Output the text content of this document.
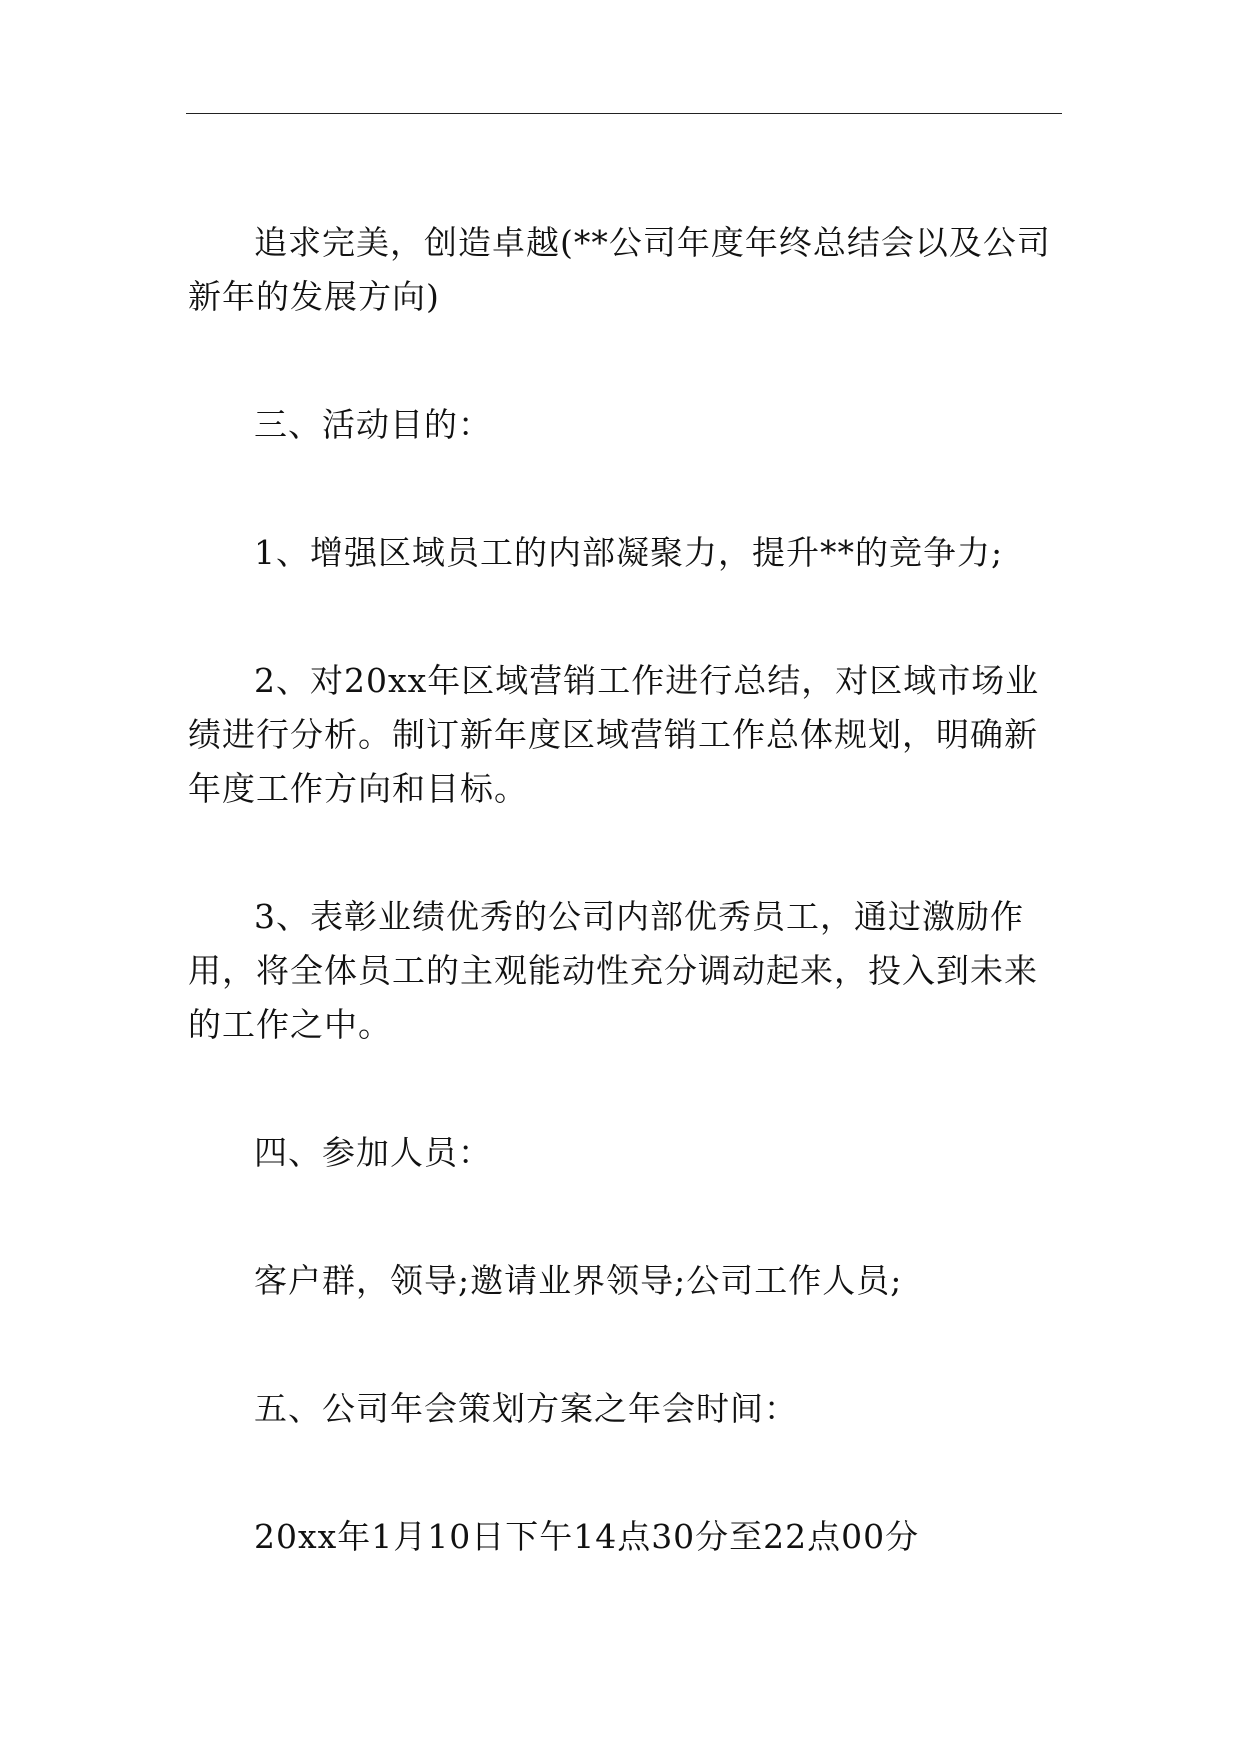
追求完美，创造卓越(**公司年度年终总结会以及公司新年的发展方向)

三、活动目的：

1、增强区域员工的内部凝聚力，提升**的竞争力;

2、对20xx年区域营销工作进行总结，对区域市场业绩进行分析。制订新年度区域营销工作总体规划，明确新年度工作方向和目标。

3、表彰业绩优秀的公司内部优秀员工，通过激励作用，将全体员工的主观能动性充分调动起来，投入到未来的工作之中。

四、参加人员：

客户群，领导;邀请业界领导;公司工作人员;

五、公司年会策划方案之年会时间：

20xx年1月10日下午14点30分至22点00分
